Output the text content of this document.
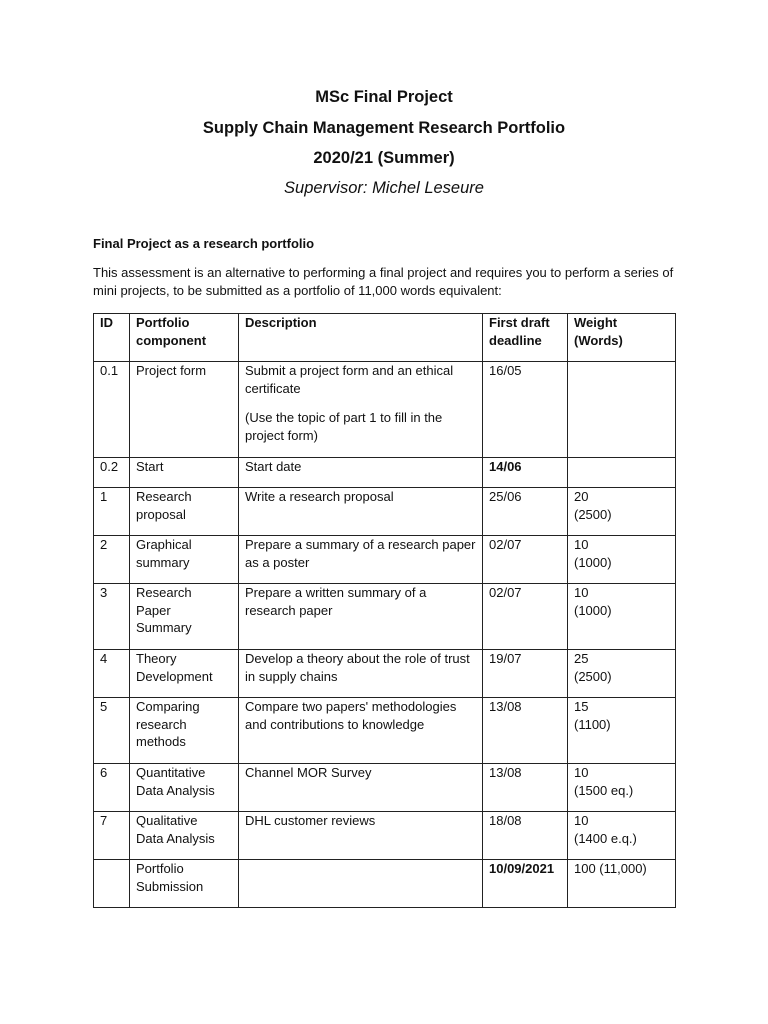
MSc Final Project
Supply Chain Management Research Portfolio
2020/21 (Summer)
Supervisor: Michel Leseure
Final Project as a research portfolio
This assessment is an alternative to performing a final project and requires you to perform a series of mini projects, to be submitted as a portfolio of 11,000 words equivalent:
ID	Portfolio
component	Description	First draft
deadline	Weight
(Words)

0.1	Project form	Submit a project form and an ethical certificate
(Use the topic of part 1 to fill in the project form)	16/05	

0.2	Start	Start date	14/06	

1	Research
proposal	Write a research proposal	25/06	20
(2500)

2	Graphical
summary	Prepare a summary of a research paper as a poster	02/07	10
(1000)

3	Research
Paper
Summary	Prepare a written summary of a research paper	02/07	10
(1000)

4	Theory
Development	Develop a theory about the role of trust in supply chains	19/07	25
(2500)

5	Comparing
research
methods	Compare two papers' methodologies and contributions to knowledge	13/08	15
(1100)

6	Quantitative
Data Analysis	Channel MOR Survey	13/08	10
(1500 eq.)

7	Qualitative
Data Analysis	DHL customer reviews	18/08	10
(1400 e.q.)

	Portfolio
Submission		10/09/2021	100 (11,000)
